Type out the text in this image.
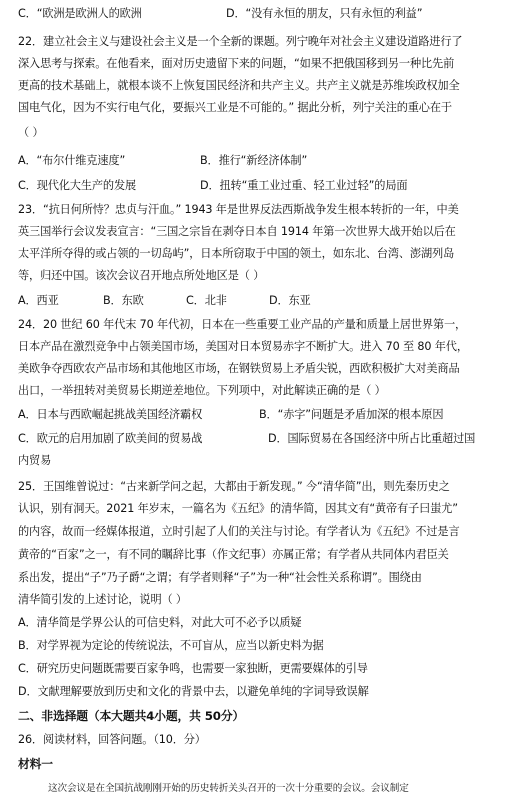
C．“欧洲是欧洲人的欧洲	D．“没有永恒的朋友，只有永恒的利益”
22．建立社会主义与建设社会主义是一个全新的课题。列宁晚年对社会主义建设道路进行了
深入思考与探索。在他看来，面对历史遗留下来的问题，“如果不把俄国移到另一种比先前
更高的技术基础上，就根本谈不上恢复国民经济和共产主义。共产主义就是苏维埃政权加全
国电气化，因为不实行电气化，要振兴工业是不可能的。” 据此分析，列宁关注的重心在于
（ ）
A．“布尔什维克速度”	B．推行“新经济体制”
C．现代化大生产的发展	D．扭转“重工业过重、轻工业过轻”的局面
23．“抗日何所恃？忠贞与汗血。” 1943 年是世界反法西斯战争发生根本转折的一年，中美
英三国举行会议发表宣言：“三国之宗旨在剥夺日本自 1914 年第一次世界大战开始以后在
太平洋所夺得的或占领的一切岛屿”，日本所窃取于中国的领土，如东北、台湾、澎湖列岛
等，归还中国。该次会议召开地点所处地区是（ ）
A．西亚	B．东欧	C．北非	D．东亚
24．20 世纪 60 年代末 70 年代初，日本在一些重要工业产品的产量和质量上居世界第一，
日本产品在激烈竞争中占领美国市场，美国对日本贸易赤字不断扩大。进入 70 至 80 年代，
美欧争夺西欧农产品市场和其他地区市场，在钢铁贸易上矛盾尖锐，西欧积极扩大对美商品
出口，一举扭转对美贸易长期逆差地位。下列项中，对此解读正确的是（ ）
A．日本与西欧崛起挑战美国经济霸权	B．“赤字”问题是矛盾加深的根本原因
C．欧元的启用加剧了欧美间的贸易战	D．国际贸易在各国经济中所占比重超过国
内贸易
25．王国维曾说过：“古来新学问之起，大都由于新发现。” 今“清华简”出，则先秦历史之
认识，别有洞天。2021 年岁末，一篇名为《五纪》的清华简，因其文有“黄帝有子曰蚩尤”
的内容，故而一经媒体报道，立时引起了人们的关注与讨论。有学者认为《五纪》不过是言
黄帝的“百家”之一，有不同的瞩辞比事（作文纪事）亦属正常；有学者从共同体内君臣关
系出发，提出“子”乃子爵“之谓；有学者则释“子”为一种“社会性关系称谓”。围绕由
清华简引发的上述讨论，说明（ ）
A．清华简是学界公认的可信史料，对此大可不必予以质疑
B．对学界视为定论的传统说法，不可盲从，应当以新史料为据
C．研究历史问题既需要百家争鸣，也需要一家独断，更需要媒体的引导
D．文献理解要放到历史和文化的背景中去，以避免单纯的字词导致误解
二、非选择题（本大题共4小题，共 50分）
26．阅读材料，回答问题。（10．分）
材料一
这次会议是在全国抗战刚刚开始的历史转折关头召开的一次十分重要的会议。会议制定
